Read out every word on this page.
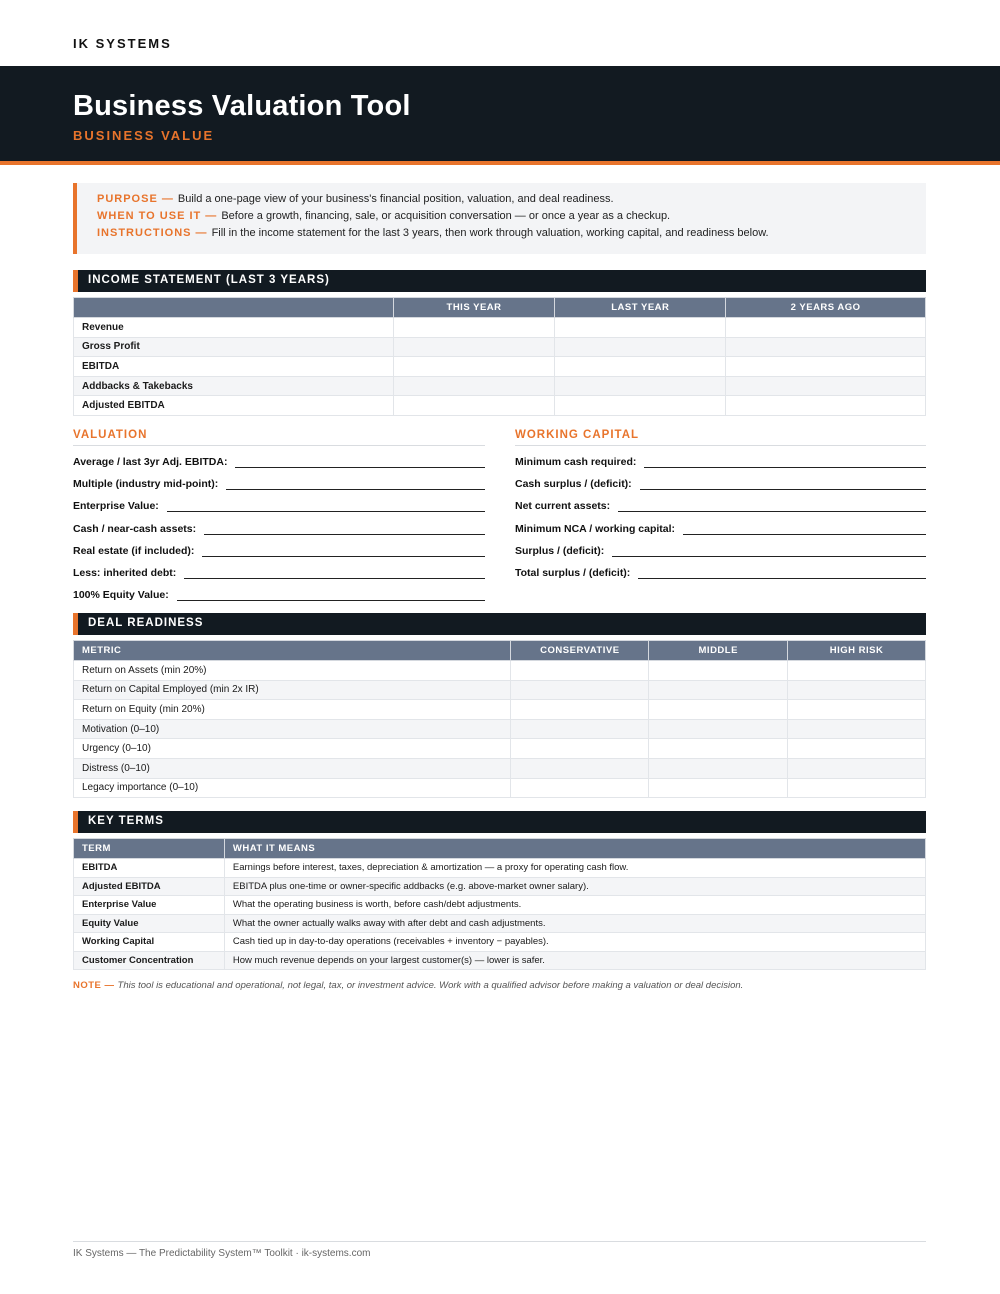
IK SYSTEMS
Business Valuation Tool
BUSINESS VALUE
PURPOSE — Build a one-page view of your business's financial position, valuation, and deal readiness.
WHEN TO USE IT — Before a growth, financing, sale, or acquisition conversation — or once a year as a checkup.
INSTRUCTIONS — Fill in the income statement for the last 3 years, then work through valuation, working capital, and readiness below.
INCOME STATEMENT (LAST 3 YEARS)
	THIS YEAR	LAST YEAR	2 YEARS AGO
Revenue			
Gross Profit			
EBITDA			
Addbacks & Takebacks			
Adjusted EBITDA			
VALUATION
Average / last 3yr Adj. EBITDA:
Multiple (industry mid-point):
Enterprise Value:
Cash / near-cash assets:
Real estate (if included):
Less: inherited debt:
100% Equity Value:
WORKING CAPITAL
Minimum cash required:
Cash surplus / (deficit):
Net current assets:
Minimum NCA / working capital:
Surplus / (deficit):
Total surplus / (deficit):
DEAL READINESS
METRIC	CONSERVATIVE	MIDDLE	HIGH RISK
Return on Assets (min 20%)			
Return on Capital Employed (min 2x IR)			
Return on Equity (min 20%)			
Motivation (0–10)			
Urgency (0–10)			
Distress (0–10)			
Legacy importance (0–10)			
KEY TERMS
TERM	WHAT IT MEANS
EBITDA	Earnings before interest, taxes, depreciation & amortization — a proxy for operating cash flow.
Adjusted EBITDA	EBITDA plus one-time or owner-specific addbacks (e.g. above-market owner salary).
Enterprise Value	What the operating business is worth, before cash/debt adjustments.
Equity Value	What the owner actually walks away with after debt and cash adjustments.
Working Capital	Cash tied up in day-to-day operations (receivables + inventory − payables).
Customer Concentration	How much revenue depends on your largest customer(s) — lower is safer.
NOTE — This tool is educational and operational, not legal, tax, or investment advice. Work with a qualified advisor before making a valuation or deal decision.
IK Systems — The Predictability System™ Toolkit · ik-systems.com
